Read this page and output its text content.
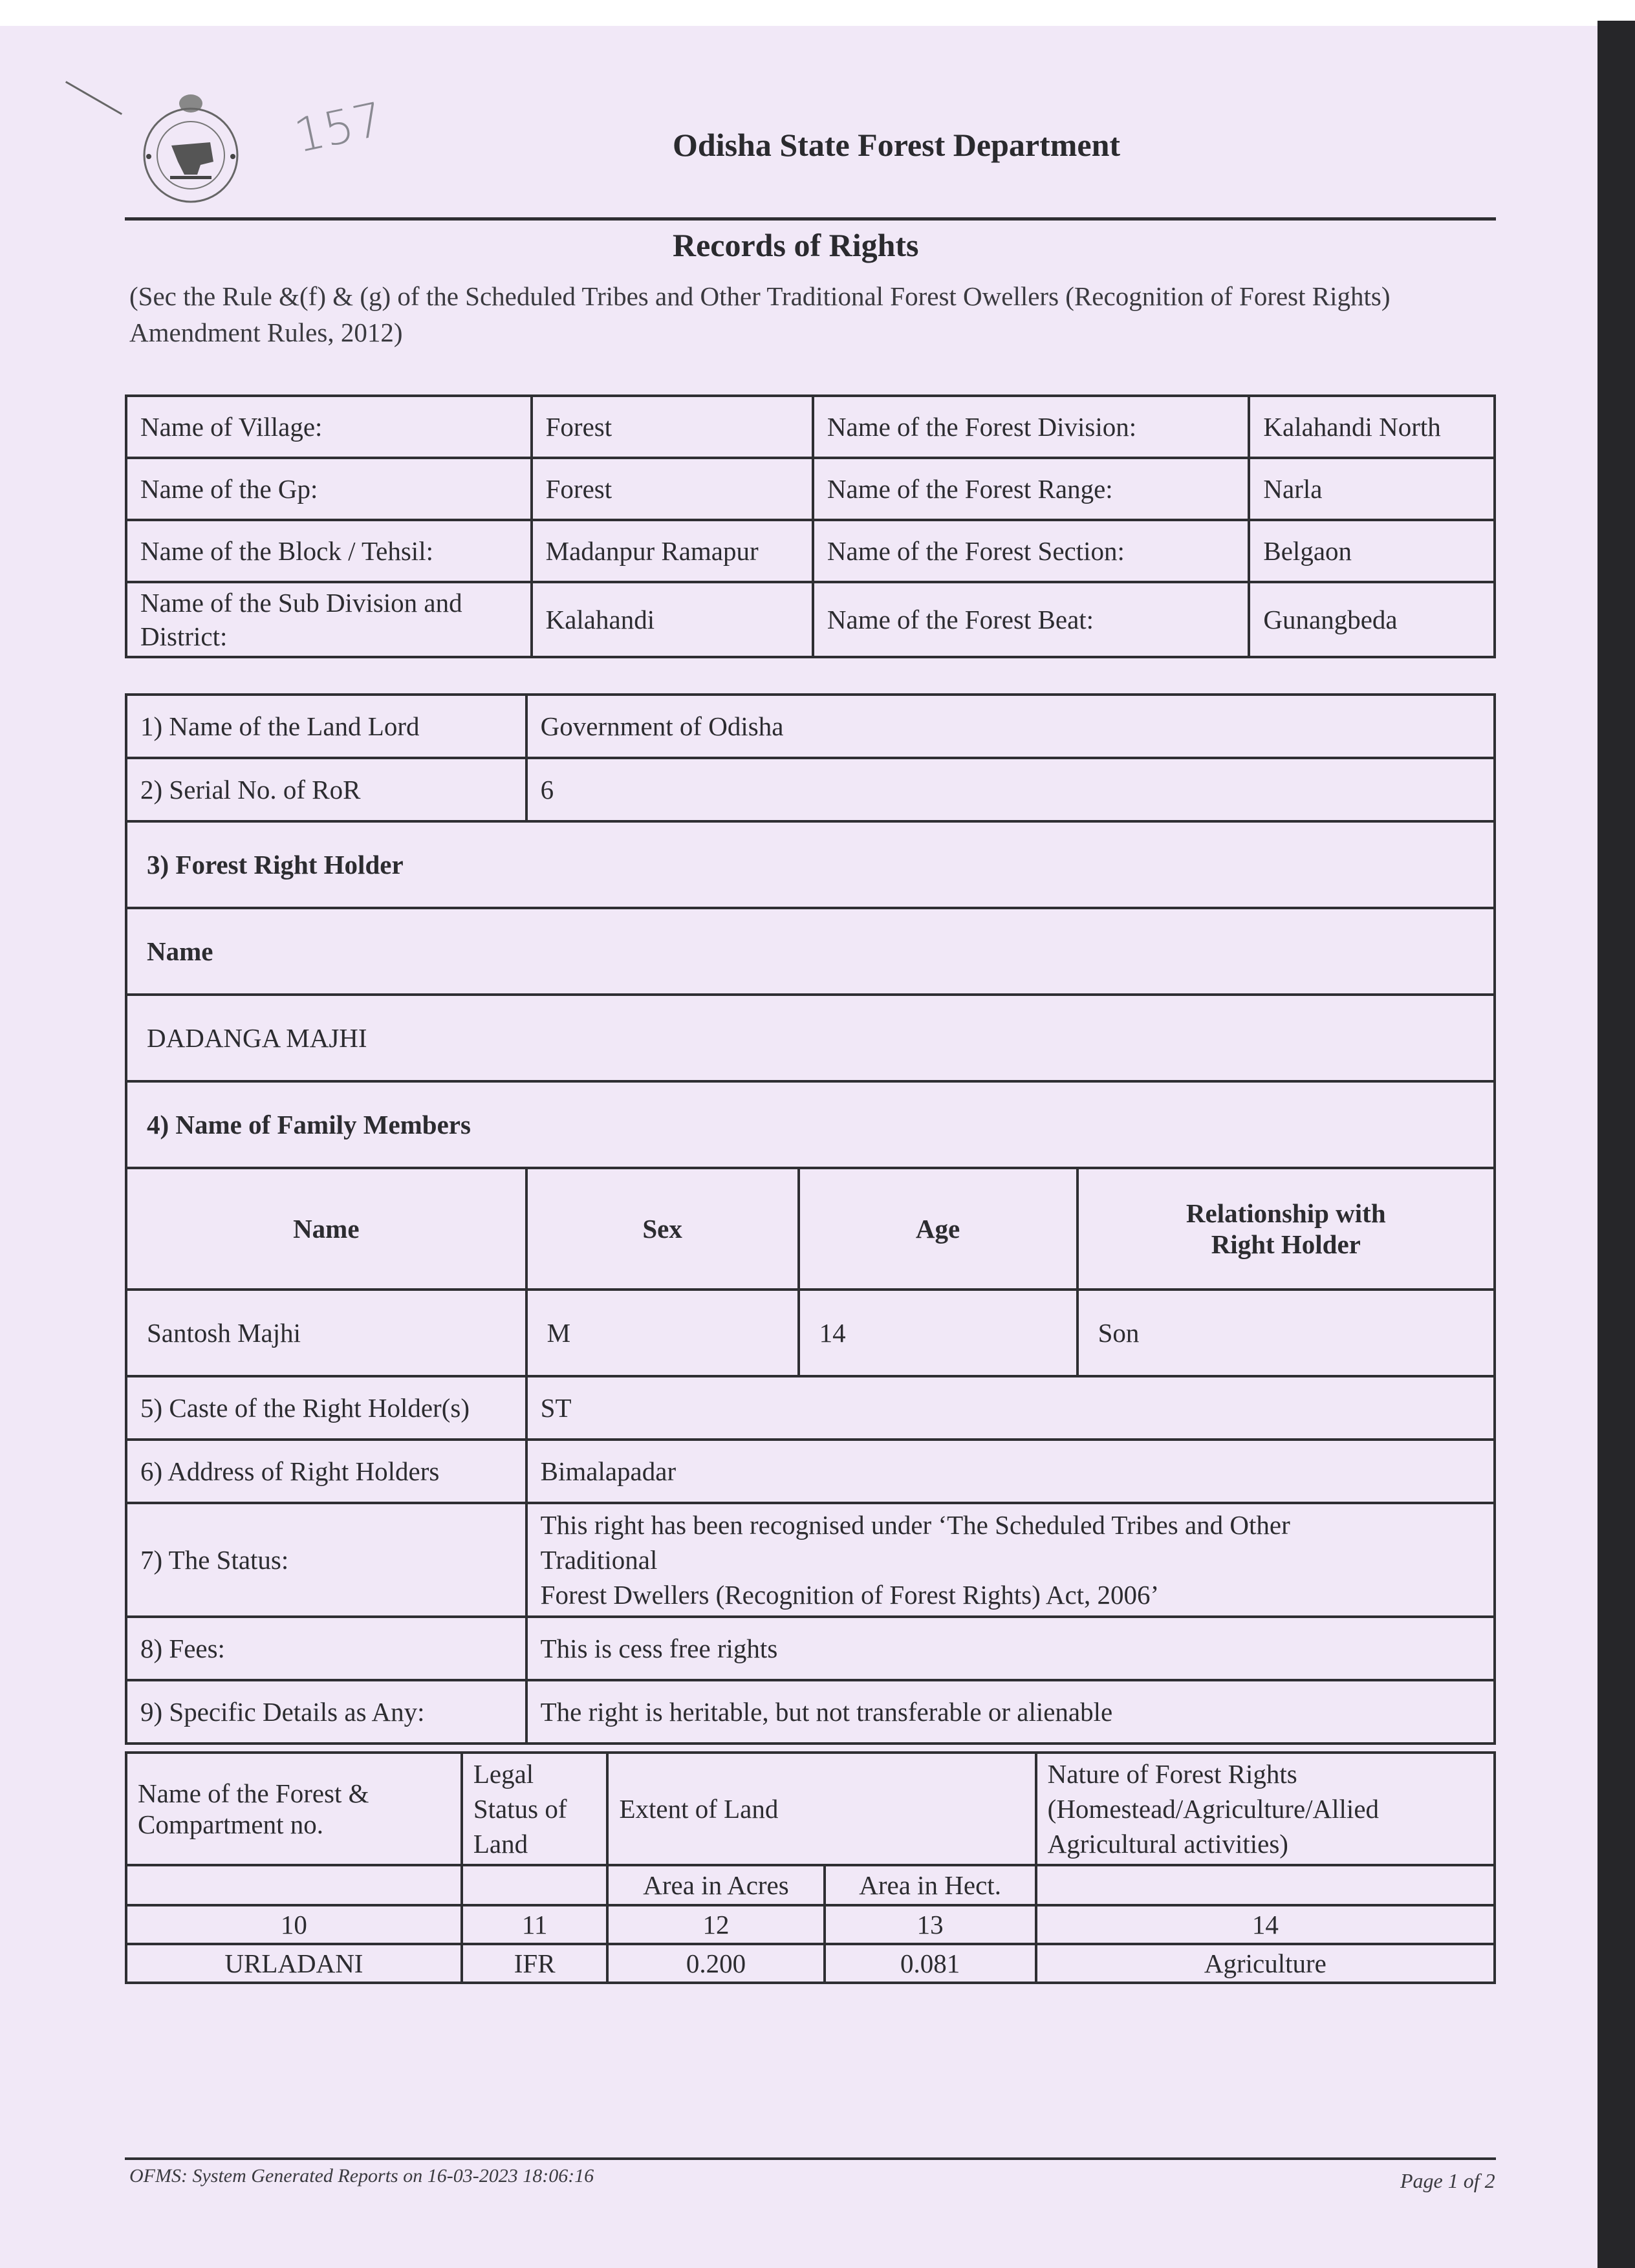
157	Odisha State Forest Department
Records of Rights
(Sec the Rule &(f) & (g) of the Scheduled Tribes and Other Traditional Forest Owellers (Recognition of Forest Rights) Amendment Rules, 2012)
Name of Village:	Forest	Name of the Forest Division:	Kalahandi North
Name of the Gp:	Forest	Name of the Forest Range:	Narla
Name of the Block / Tehsil:	Madanpur Ramapur	Name of the Forest Section:	Belgaon
Name of the Sub Division and District:	Kalahandi	Name of the Forest Beat:	Gunangbeda
1) Name of the Land Lord	Government of Odisha		
2) Serial No. of RoR	6		
3) Forest Right Holder			
Name			
DADANGA MAJHI			
4) Name of Family Members			
Name	Sex	Age	Relationship with Right Holder
Santosh Majhi	M	14	Son
5) Caste of the Right Holder(s)	ST		
6) Address of Right Holders	Bimalapadar		
7) The Status:	This right has been recognised under ‘The Scheduled Tribes and Other
Traditional
Forest Dwellers (Recognition of Forest Rights) Act, 2006’		

8) Fees:	This is cess free rights		
9) Specific Details as Any:	The right is heritable, but not transferable or alienable		
Name of the Forest & Compartment no.	Legal Status of Land	Extent of Land		Nature of Forest Rights (Homestead/Agriculture/Allied Agricultural activities)
		Area in Acres	Area in Hect.	
10	11	12	13	14
URLADANI	IFR	0.200	0.081	Agriculture
OFMS: System Generated Reports on 16-03-2023 18:06:16	Page 1 of 2
